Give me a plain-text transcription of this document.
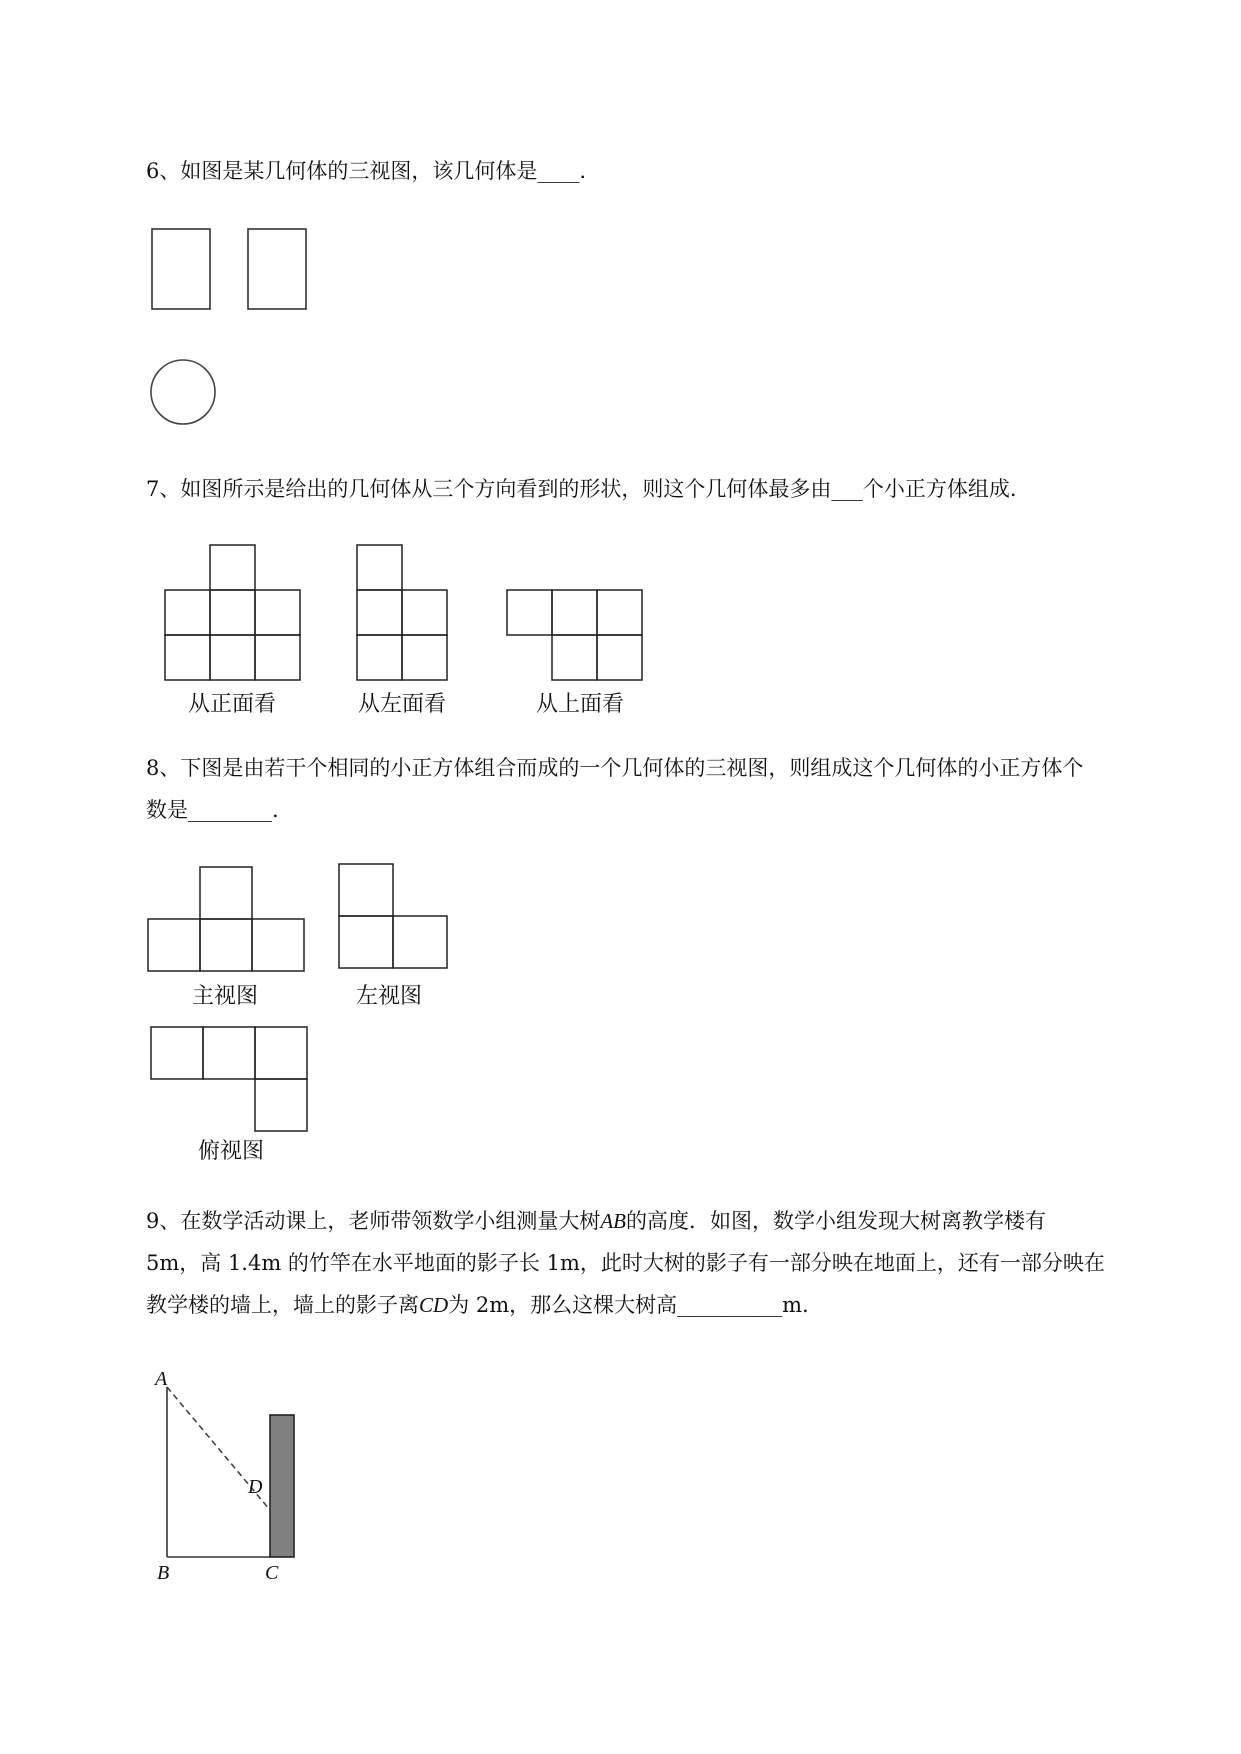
6、如图是某几何体的三视图，该几何体是____.

7、如图所示是给出的几何体从三个方向看到的形状，则这个几何体最多由___个小正方体组成.

从正面看	从左面看	从上面看

8、下图是由若干个相同的小正方体组合而成的一个几何体的三视图，则组成这个几何体的小正方体个

数是________.

主视图	左视图
俯视图

9、在数学活动课上，老师带领数学小组测量大树AB的高度．如图，数学小组发现大树离教学楼有

5m，高 1.4m 的竹竿在水平地面的影子长 1m，此时大树的影子有一部分映在地面上，还有一部分映在

教学楼的墙上，墙上的影子离CD为 2m，那么这棵大树高__________m.

A
D
B	C
